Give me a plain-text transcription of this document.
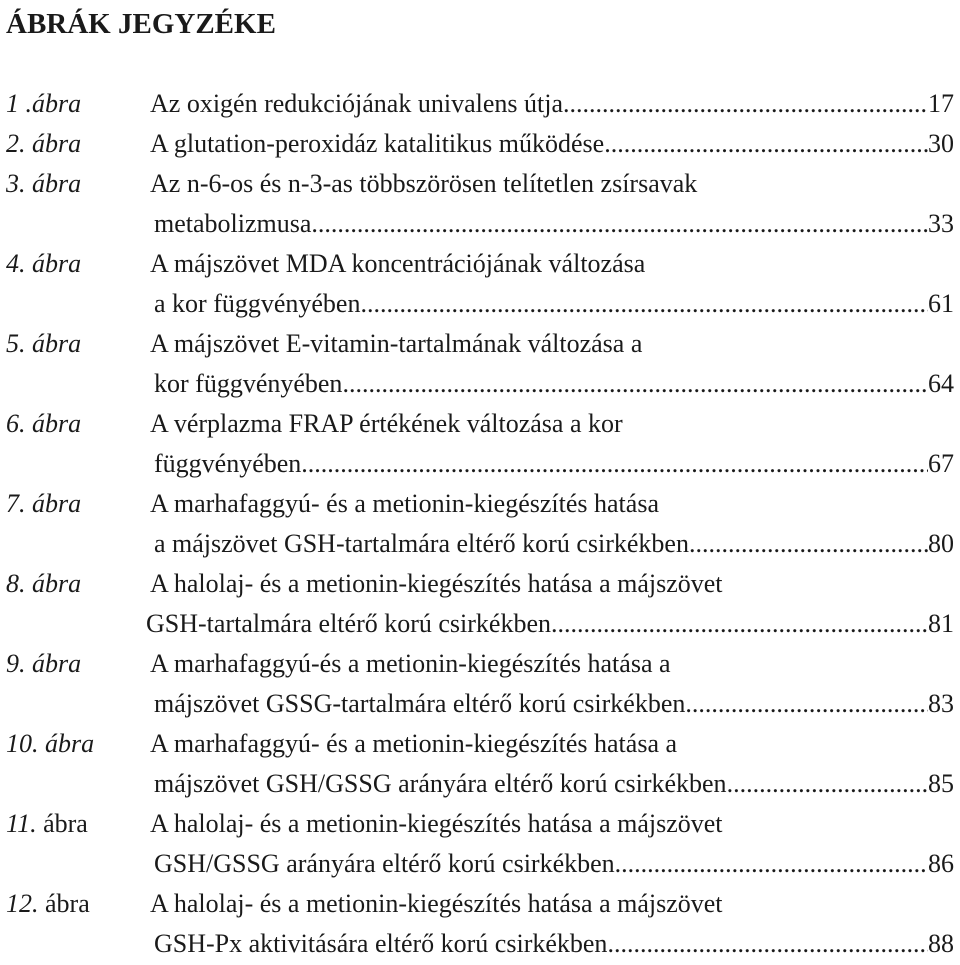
ÁBRÁK JEGYZÉKE
1 .ábra	Az oxigén redukciójának univalens útja .....	17
2. ábra	A glutation-peroxidáz katalitikus működése .....	30
3. ábra	Az n-6-os és n-3-as többszörösen telítetlen zsírsavak
metabolizmusa .....	33
4. ábra	A májszövet MDA koncentrációjának változása
a kor függvényében .....	61
5. ábra	A májszövet E-vitamin-tartalmának változása a
kor függvényében .....	64
6. ábra	A vérplazma FRAP értékének változása a kor
függvényében .....	67
7. ábra	A marhafaggyú- és a metionin-kiegészítés hatása
a májszövet GSH-tartalmára eltérő korú csirkékben .....	80
8. ábra	A halolaj- és a metionin-kiegészítés hatása a májszövet
GSH-tartalmára eltérő korú csirkékben .....	81
9. ábra	A marhafaggyú-és a metionin-kiegészítés hatása a
májszövet GSSG-tartalmára eltérő korú csirkékben .....	83
10. ábra A marhafaggyú- és a metionin-kiegészítés hatása a
májszövet GSH/GSSG arányára eltérő korú csirkékben .....	85
11. ábra A halolaj- és a metionin-kiegészítés hatása a májszövet
GSH/GSSG arányára eltérő korú csirkékben .....	86
12. ábra A halolaj- és a metionin-kiegészítés hatása a májszövet
GSH-Px aktivitására eltérő korú csirkékben .....	88
